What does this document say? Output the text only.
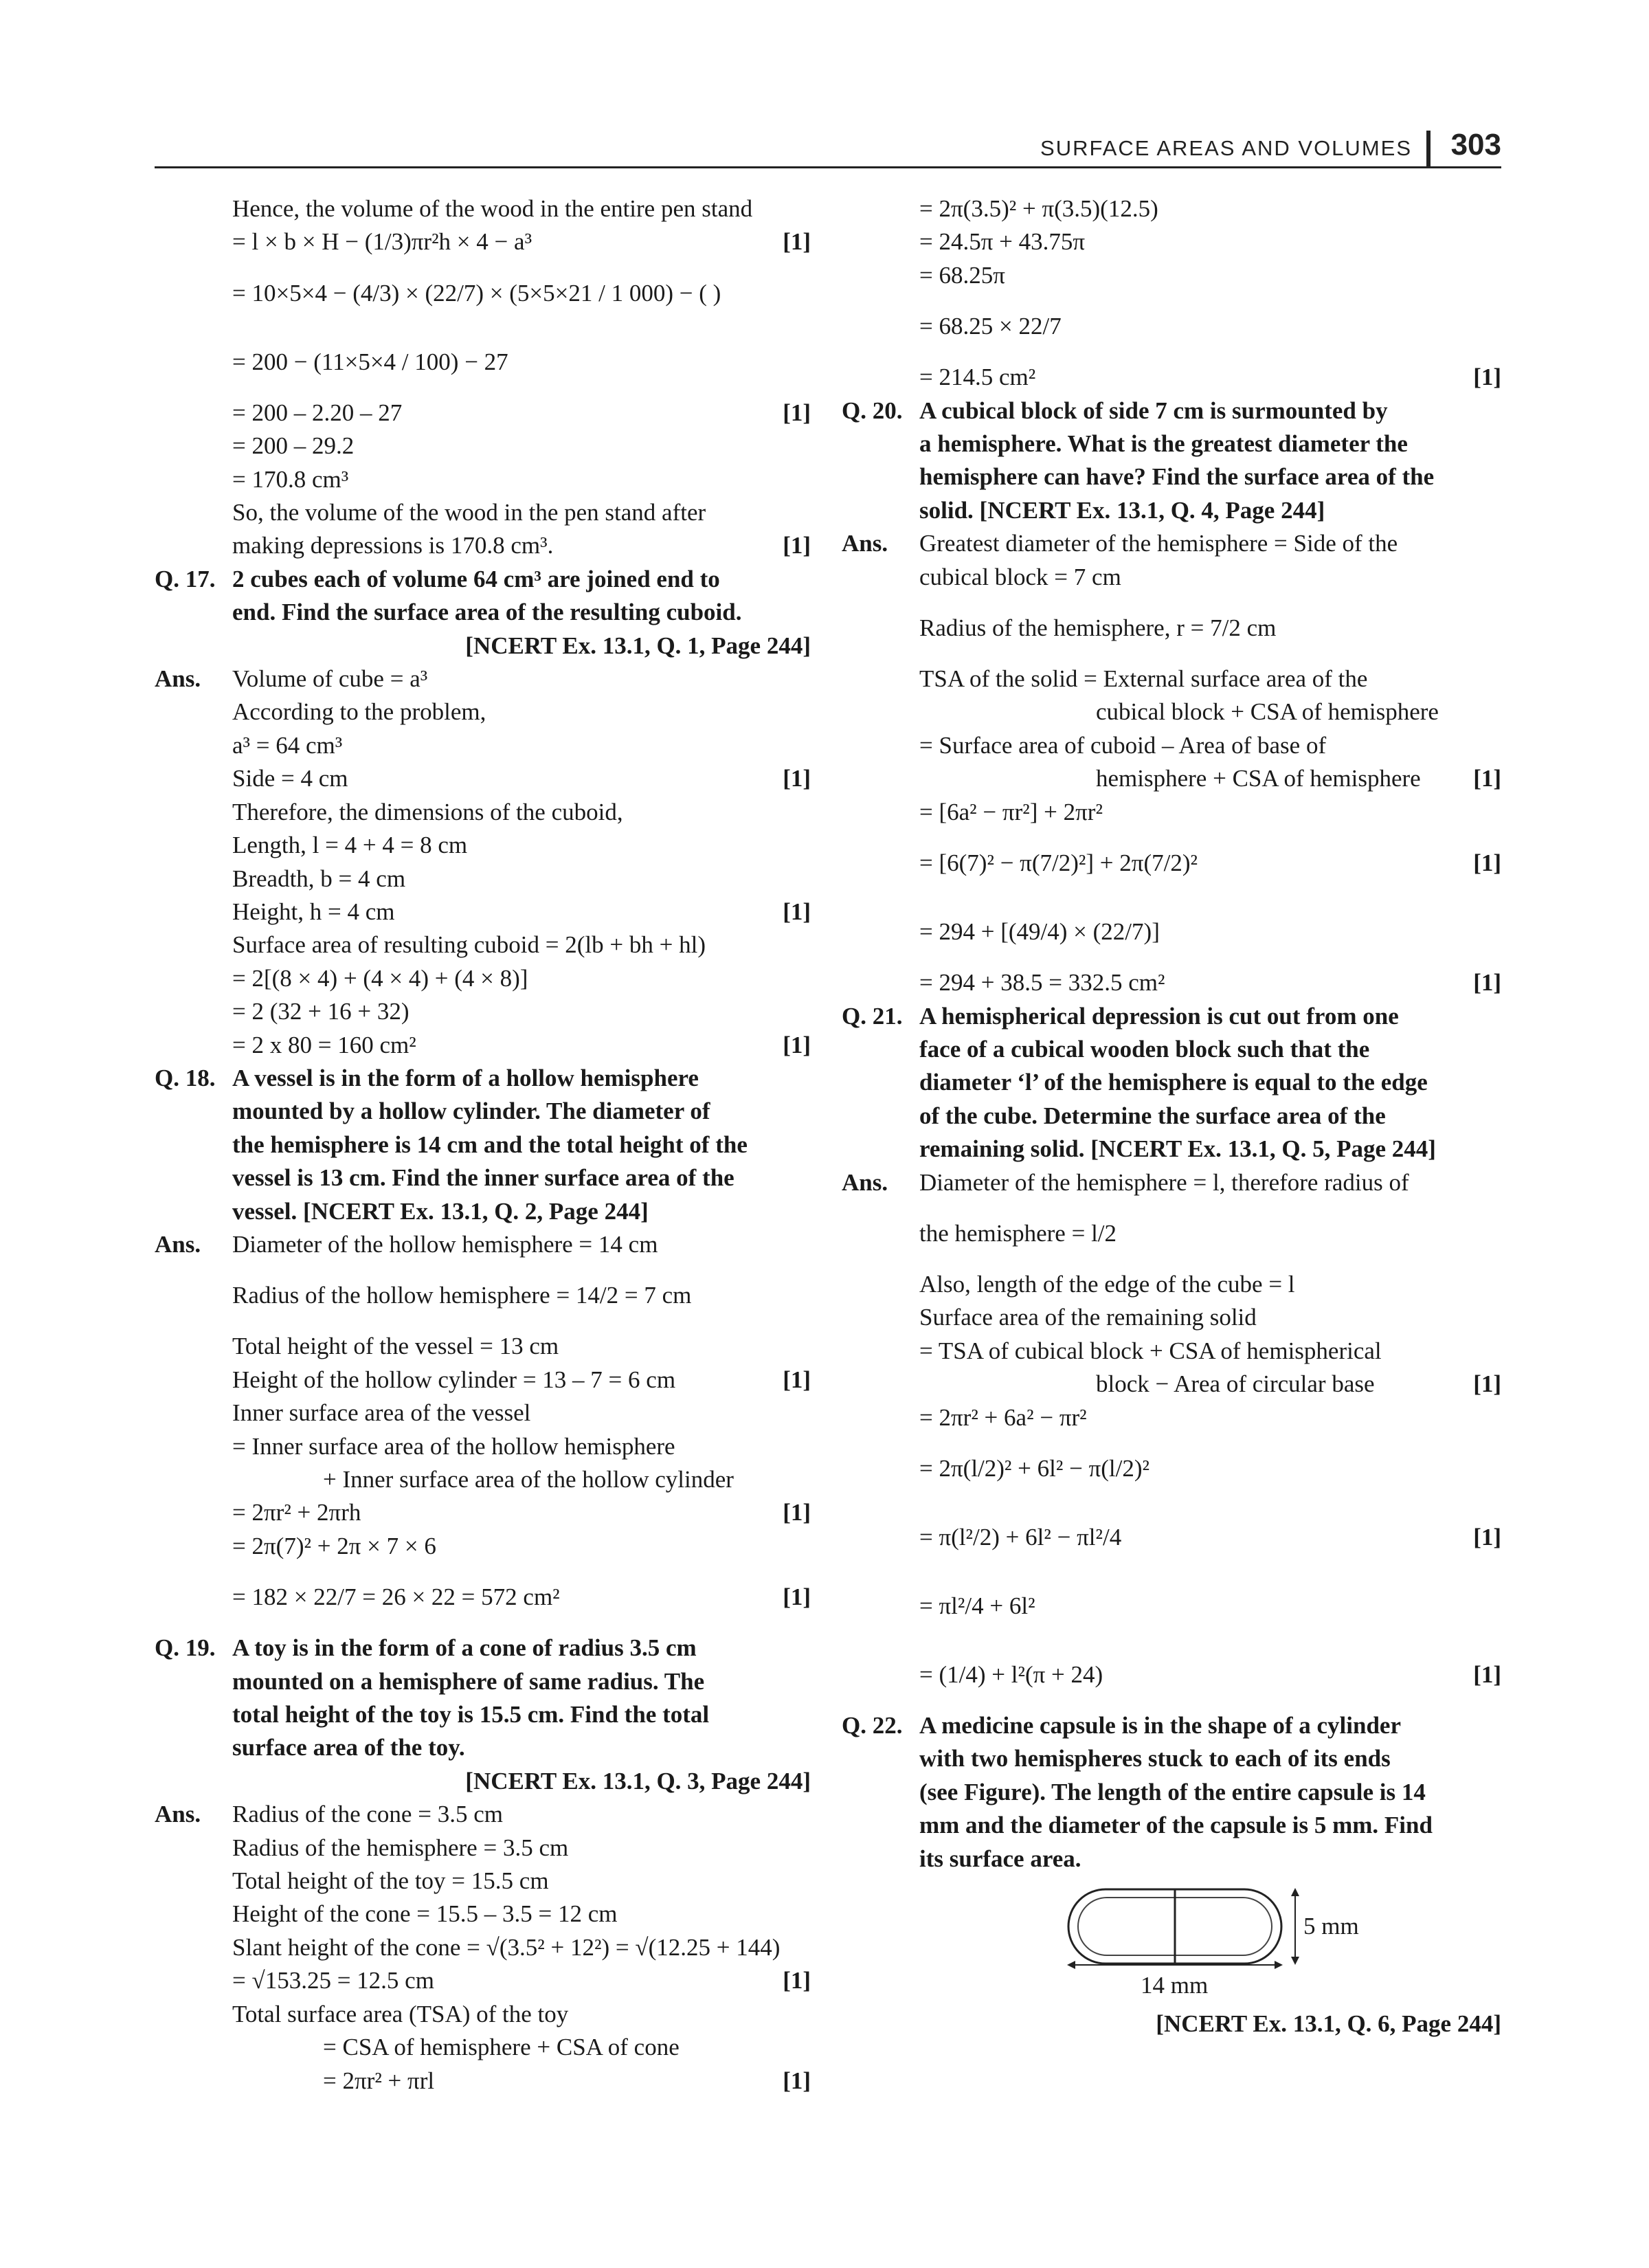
SURFACE AREAS AND VOLUMES 303
Hence, the volume of the wood in the entire pen stand
= l × b × H − (1/3)πr²h × 4 − a³	[1]
= 10×5×4 − (4/3) × (22/7) × (5×5×21 / 1 000) − ( )
= 200 − (11×5×4 / 100) − 27
= 200 – 2.20 – 27	[1]
= 200 – 29.2
= 170.8 cm³
So, the volume of the wood in the pen stand after
making depressions is 170.8 cm³.	[1]
Q. 17. 2 cubes each of volume 64 cm³ are joined end to
end. Find the surface area of the resulting cuboid.
[NCERT Ex. 13.1, Q. 1, Page 244]
Ans. Volume of cube = a³
According to the problem,
a³ = 64 cm³
Side = 4 cm	[1]
Therefore, the dimensions of the cuboid,
Length, l = 4 + 4 = 8 cm
Breadth, b = 4 cm
Height, h = 4 cm	[1]
Surface area of resulting cuboid = 2(lb + bh + hl)
= 2[(8 × 4) + (4 × 4) + (4 × 8)]
= 2 (32 + 16 + 32)
= 2 x 80 = 160 cm²	[1]
Q. 18. A vessel is in the form of a hollow hemisphere
mounted by a hollow cylinder. The diameter of
the hemisphere is 14 cm and the total height of the
vessel is 13 cm. Find the inner surface area of the
vessel. [NCERT Ex. 13.1, Q. 2, Page 244]
Ans. Diameter of the hollow hemisphere = 14 cm
Radius of the hollow hemisphere = 14/2 = 7 cm
Total height of the vessel = 13 cm
Height of the hollow cylinder = 13 – 7 = 6 cm	[1]
Inner surface area of the vessel
= Inner surface area of the hollow hemisphere
+ Inner surface area of the hollow cylinder
= 2πr² + 2πrh	[1]
= 2π(7)² + 2π × 7 × 6
= 182 × 22/7 = 26 × 22 = 572 cm²	[1]
Q. 19. A toy is in the form of a cone of radius 3.5 cm
mounted on a hemisphere of same radius. The
total height of the toy is 15.5 cm. Find the total
surface area of the toy.
[NCERT Ex. 13.1, Q. 3, Page 244]
Ans. Radius of the cone = 3.5 cm
Radius of the hemisphere = 3.5 cm
Total height of the toy = 15.5 cm
Height of the cone = 15.5 – 3.5 = 12 cm
Slant height of the cone = √(3.5² + 12²) = √(12.25 + 144)
= √153.25 = 12.5 cm	[1]
Total surface area (TSA) of the toy
= CSA of hemisphere + CSA of cone
= 2πr² + πrl	[1]
= 2π(3.5)² + π(3.5)(12.5)
= 24.5π + 43.75π
= 68.25π
= 68.25 × 22/7
= 214.5 cm²	[1]
Q. 20. A cubical block of side 7 cm is surmounted by
a hemisphere. What is the greatest diameter the
hemisphere can have? Find the surface area of the
solid. [NCERT Ex. 13.1, Q. 4, Page 244]
Ans. Greatest diameter of the hemisphere = Side of the
cubical block = 7 cm
Radius of the hemisphere, r = 7/2 cm
TSA of the solid = External surface area of the
cubical block + CSA of hemisphere
= Surface area of cuboid – Area of base of
hemisphere + CSA of hemisphere [1]
= [6a² − πr²] + 2πr²
= [6(7)² − π(7/2)²] + 2π(7/2)²	[1]
= 294 + [(49/4) × (22/7)]
= 294 + 38.5 = 332.5 cm²	[1]
Q. 21. A hemispherical depression is cut out from one
face of a cubical wooden block such that the
diameter ‘l’ of the hemisphere is equal to the edge
of the cube. Determine the surface area of the
remaining solid. [NCERT Ex. 13.1, Q. 5, Page 244]
Ans. Diameter of the hemisphere = l, therefore radius of
the hemisphere = l/2
Also, length of the edge of the cube = l
Surface area of the remaining solid
= TSA of cubical block + CSA of hemispherical
block − Area of circular base	[1]
= 2πr² + 6a² − πr²
= 2π(l/2)² + 6l² − π(l/2)²
= π(l²/2) + 6l² − πl²/4	[1]
= πl²/4 + 6l²
= (1/4) + l²(π + 24)	[1]
Q. 22. A medicine capsule is in the shape of a cylinder
with two hemispheres stuck to each of its ends
(see Figure). The length of the entire capsule is 14
mm and the diameter of the capsule is 5 mm. Find
its surface area.
5 mm
14 mm
[NCERT Ex. 13.1, Q. 6, Page 244]
